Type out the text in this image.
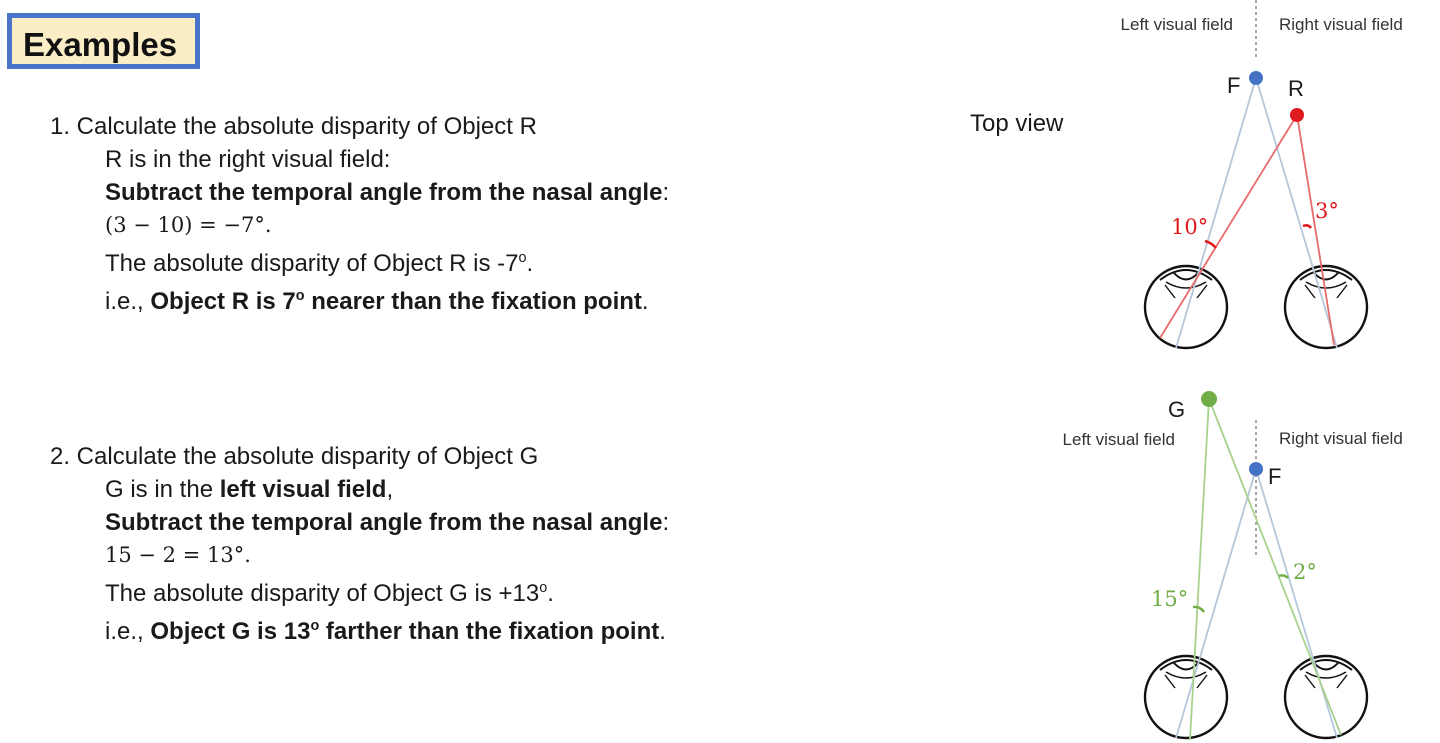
Examples
1. Calculate the absolute disparity of Object R
R is in the right visual field:
Subtract the temporal angle from the nasal angle:
(3 − 10) = −7°.
The absolute disparity of Object R is -7$^o$.
i.e., Object R is 7$^o$ nearer than the fixation point.
2. Calculate the absolute disparity of Object G
G is in the left visual field,
Subtract the temporal angle from the nasal angle:
15 − 2 = 13°.
The absolute disparity of Object G is $+13^o$.
i.e., Object G is 13$^o$ farther than the fixation point.
Left visual field	Right visual field
Top view
F R
10°
3°
Left visual field	Right visual field
F
G
15°
2°
